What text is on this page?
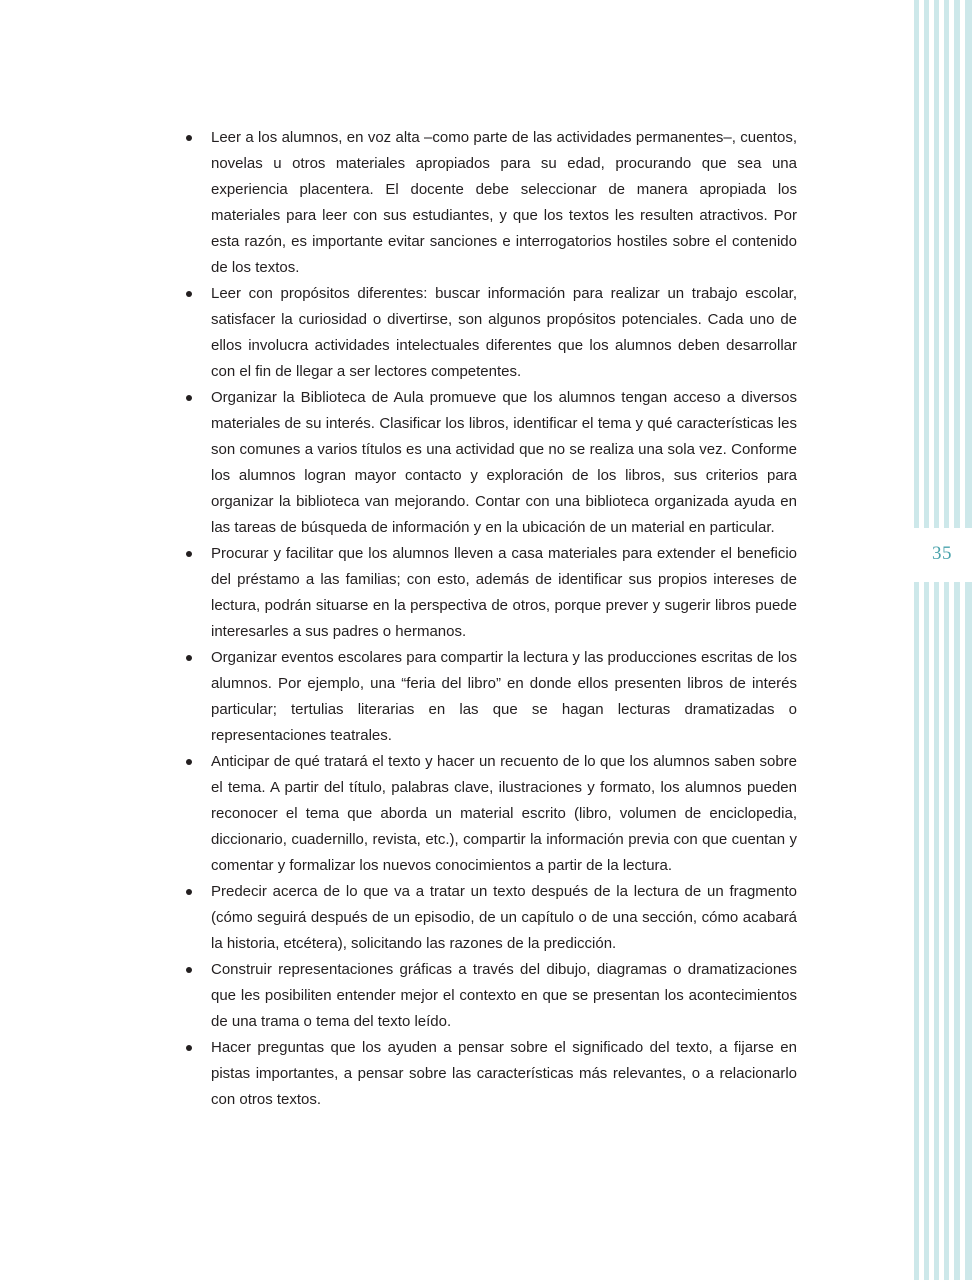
35
Leer a los alumnos, en voz alta –como parte de las actividades permanentes–, cuentos, novelas u otros materiales apropiados para su edad, procurando que sea una experiencia placentera. El docente debe seleccionar de manera apropiada los materiales para leer con sus estudiantes, y que los textos les resulten atractivos. Por esta razón, es importante evitar sanciones e interrogatorios hostiles sobre el contenido de los textos.
Leer con propósitos diferentes: buscar información para realizar un trabajo escolar, satisfacer la curiosidad o divertirse, son algunos propósitos potenciales. Cada uno de ellos involucra actividades intelectuales diferentes que los alumnos deben desarrollar con el fin de llegar a ser lectores competentes.
Organizar la Biblioteca de Aula promueve que los alumnos tengan acceso a diversos materiales de su interés. Clasificar los libros, identificar el tema y qué características les son comunes a varios títulos es una actividad que no se realiza una sola vez. Conforme los alumnos logran mayor contacto y exploración de los libros, sus criterios para organizar la biblioteca van mejorando. Contar con una biblioteca organizada ayuda en las tareas de búsqueda de información y en la ubicación de un material en particular.
Procurar y facilitar que los alumnos lleven a casa materiales para extender el beneficio del préstamo a las familias; con esto, además de identificar sus propios intereses de lectura, podrán situarse en la perspectiva de otros, porque prever y sugerir libros puede interesarles a sus padres o hermanos.
Organizar eventos escolares para compartir la lectura y las producciones escritas de los alumnos. Por ejemplo, una “feria del libro” en donde ellos presenten libros de interés particular; tertulias literarias en las que se hagan lecturas dramatizadas o representaciones teatrales.
Anticipar de qué tratará el texto y hacer un recuento de lo que los alumnos saben sobre el tema. A partir del título, palabras clave, ilustraciones y formato, los alumnos pueden reconocer el tema que aborda un material escrito (libro, volumen de enciclopedia, diccionario, cuadernillo, revista, etc.), compartir la información previa con que cuentan y comentar y formalizar los nuevos conocimientos a partir de la lectura.
Predecir acerca de lo que va a tratar un texto después de la lectura de un fragmento (cómo seguirá después de un episodio, de un capítulo o de una sección, cómo acabará la historia, etcétera), solicitando las razones de la predicción.
Construir representaciones gráficas a través del dibujo, diagramas o dramatizaciones que les posibiliten entender mejor el contexto en que se presentan los acontecimientos de una trama o tema del texto leído.
Hacer preguntas que los ayuden a pensar sobre el significado del texto, a fijarse en pistas importantes, a pensar sobre las características más relevantes, o a relacionarlo con otros textos.
